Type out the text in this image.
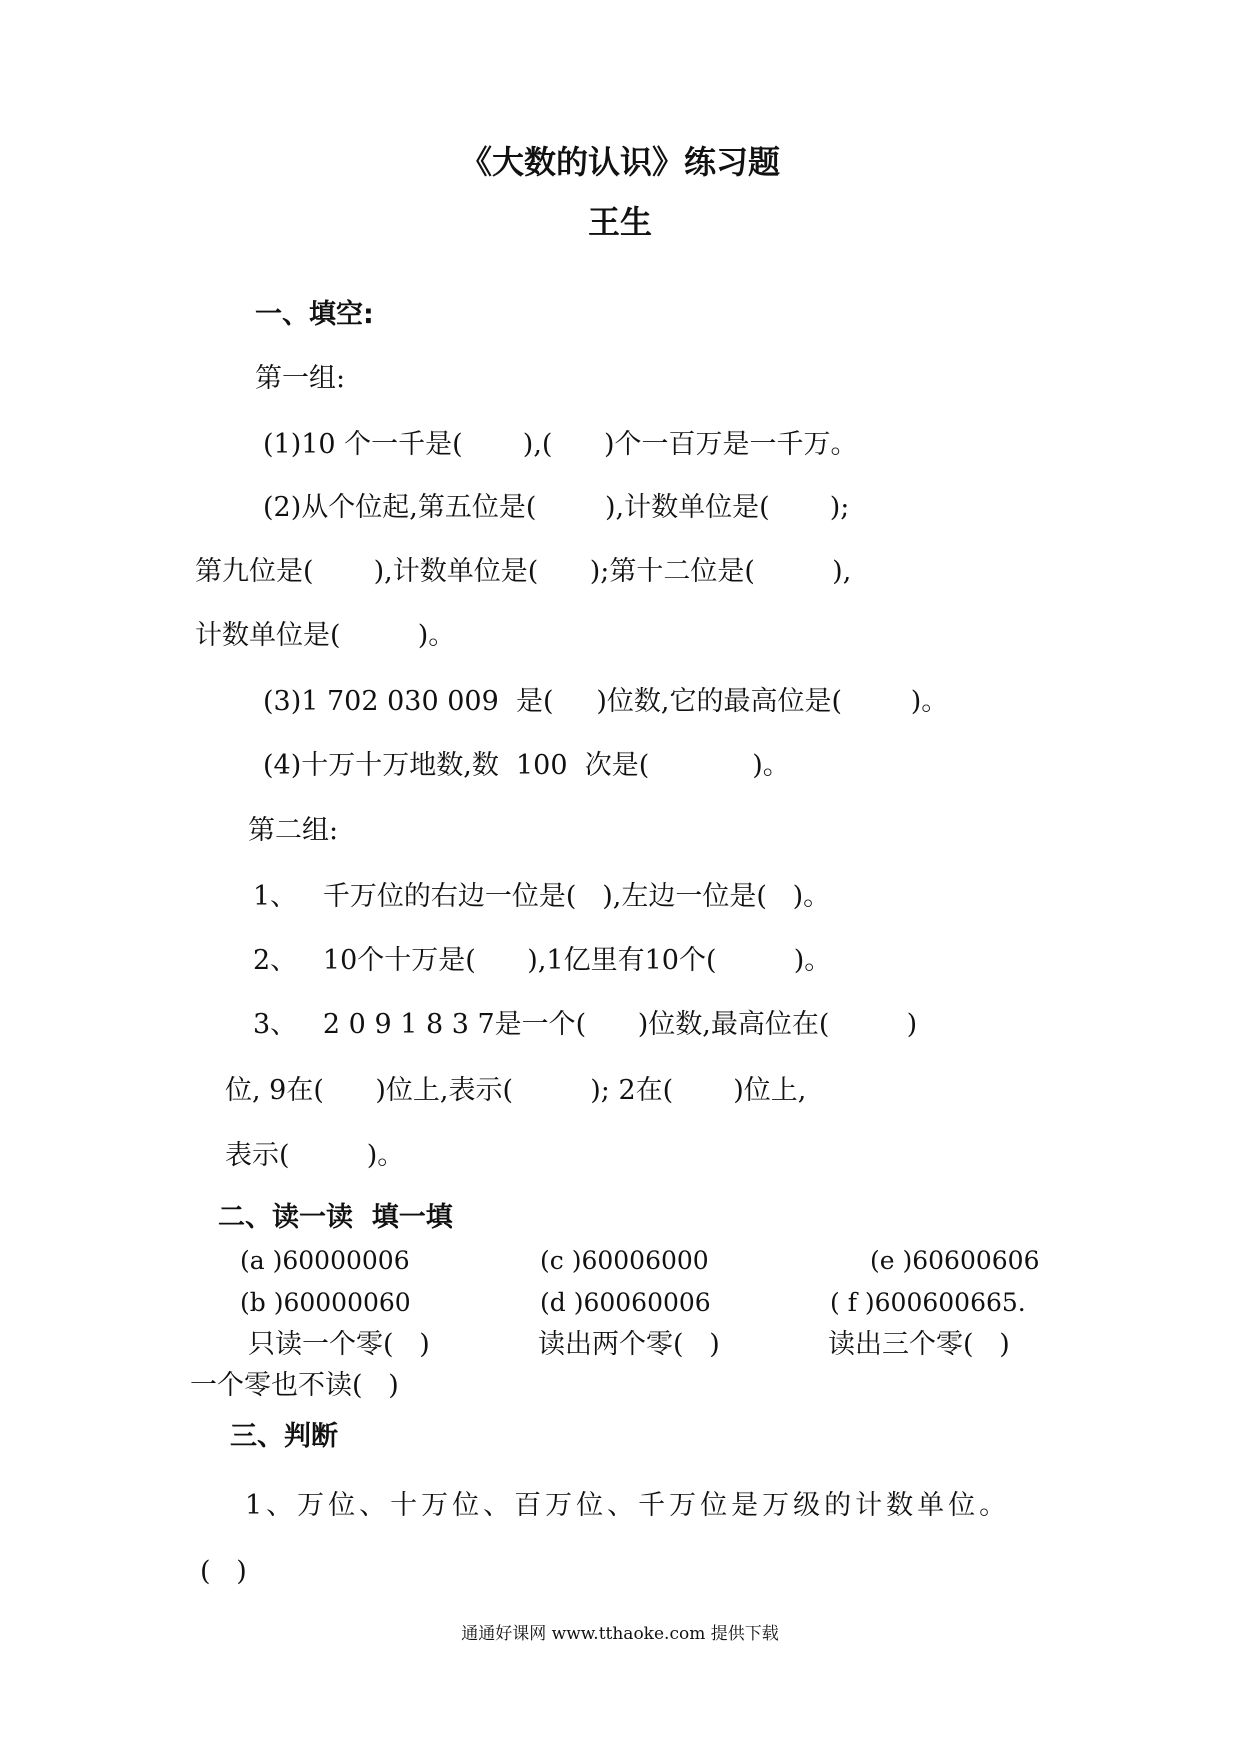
《大数的认识》练习题
王生
一、填空:
第一组:
(1)10 个一千是(       ),(      )个一百万是一千万。
(2)从个位起,第五位是(        ),计数单位是(       );
第九位是(       ),计数单位是(      );第十二位是(         ),
计数单位是(         )。
(3)1 702 030 009  是(     )位数,它的最高位是(        )。
(4)十万十万地数,数  100  次是(            )。
第二组:
1、   千万位的右边一位是(   ),左边一位是(   )。
2、   10个十万是(      ),1亿里有10个(         )。
3、   2 0 9 1 8 3 7是一个(      )位数,最高位在(         )
位, 9在(      )位上,表示(         ); 2在(       )位上,
表示(         )。
二、读一读  填一填
(a )60000006	(c )60006000	(e )60600606
(b )60000060	(d )60060006	( f )600600665.
只读一个零(   )	读出两个零(   )	读出三个零(   )
一个零也不读(   )
三、判断
1、万位、十万位、百万位、千万位是万级的计数单位。
(   )
通通好课网 www.tthaoke.com 提供下载
